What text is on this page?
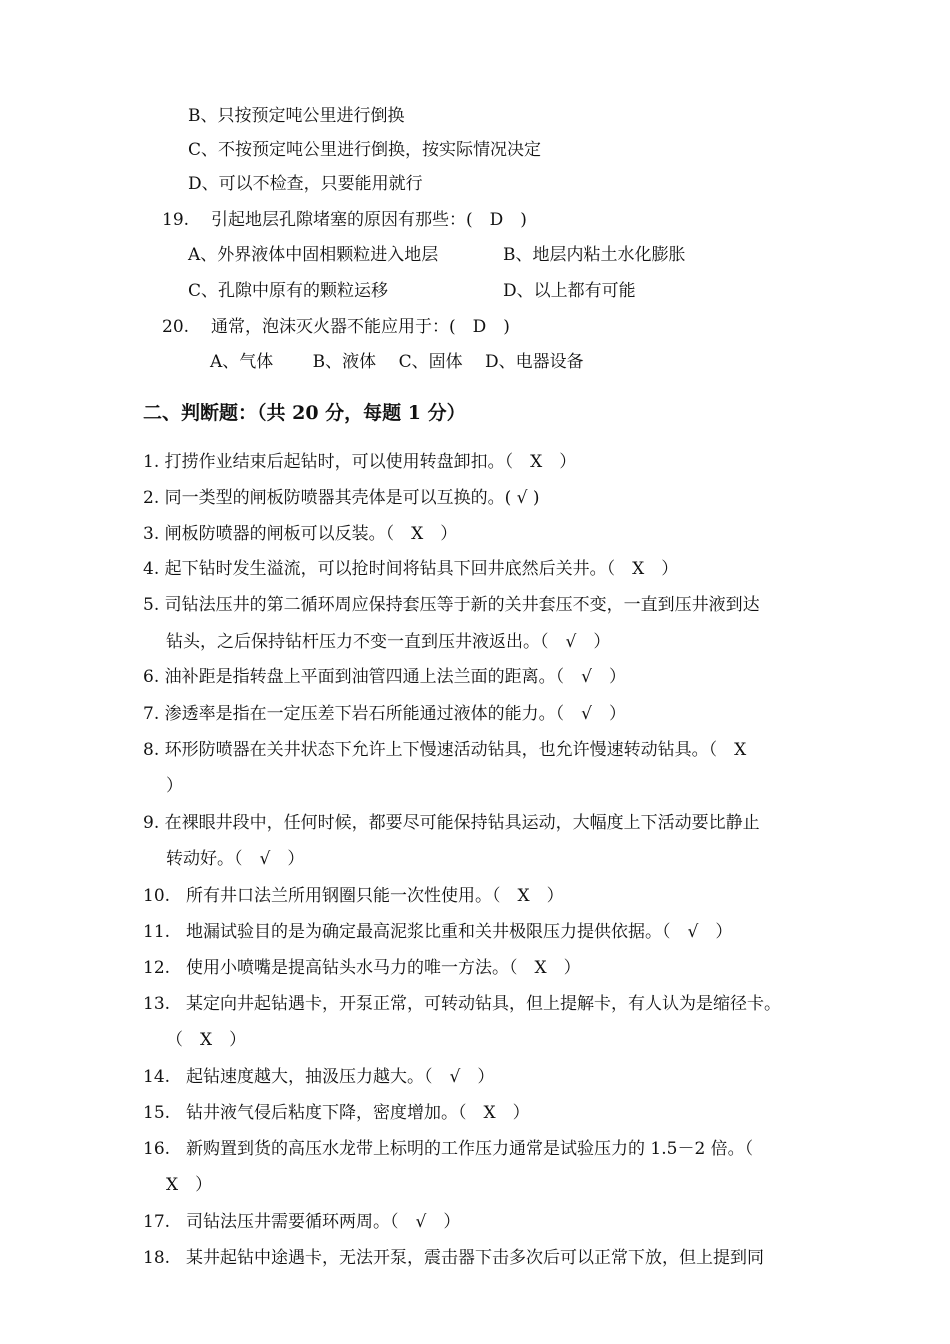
B、只按预定吨公里进行倒换
C、不按预定吨公里进行倒换，按实际情况决定
D、可以不检查，只要能用就行
19. 引起地层孔隙堵塞的原因有那些：(　D　)
A、外界液体中固相颗粒进入地层	B、地层内粘土水化膨胀
C、孔隙中原有的颗粒运移	D、以上都有可能
20. 通常，泡沫灭火器不能应用于：(　D　)
A、气体　　 B、液体　 C、固体　 D、电器设备
二、判断题：（共 20 分，每题 1 分）
1. 打捞作业结束后起钻时，可以使用转盘卸扣。（　X　）
2. 同一类型的闸板防喷器其壳体是可以互换的。( √ )
3. 闸板防喷器的闸板可以反装。（　X　）
4. 起下钻时发生溢流，可以抢时间将钻具下回井底然后关井。（　X　）
5. 司钻法压井的第二循环周应保持套压等于新的关井套压不变，一直到压井液到达
钻头，之后保持钻杆压力不变一直到压井液返出。（　√　）
6. 油补距是指转盘上平面到油管四通上法兰面的距离。（　√　）
7. 渗透率是指在一定压差下岩石所能通过液体的能力。（　√　）
8. 环形防喷器在关井状态下允许上下慢速活动钻具，也允许慢速转动钻具。（　X
）
9. 在裸眼井段中，任何时候，都要尽可能保持钻具运动，大幅度上下活动要比静止
转动好。（　√　）
10. 所有井口法兰所用钢圈只能一次性使用。（　X　）
11. 地漏试验目的是为确定最高泥浆比重和关井极限压力提供依据。（　√　）
12. 使用小喷嘴是提高钻头水马力的唯一方法。（　X　）
13. 某定向井起钻遇卡，开泵正常，可转动钻具，但上提解卡，有人认为是缩径卡。
（　X　）
14. 起钻速度越大，抽汲压力越大。（　√　）
15. 钻井液气侵后粘度下降，密度增加。（　X　）
16. 新购置到货的高压水龙带上标明的工作压力通常是试验压力的 1.5－2 倍。（
X　）
17. 司钻法压井需要循环两周。（　√　）
18. 某井起钻中途遇卡，无法开泵，震击器下击多次后可以正常下放，但上提到同
